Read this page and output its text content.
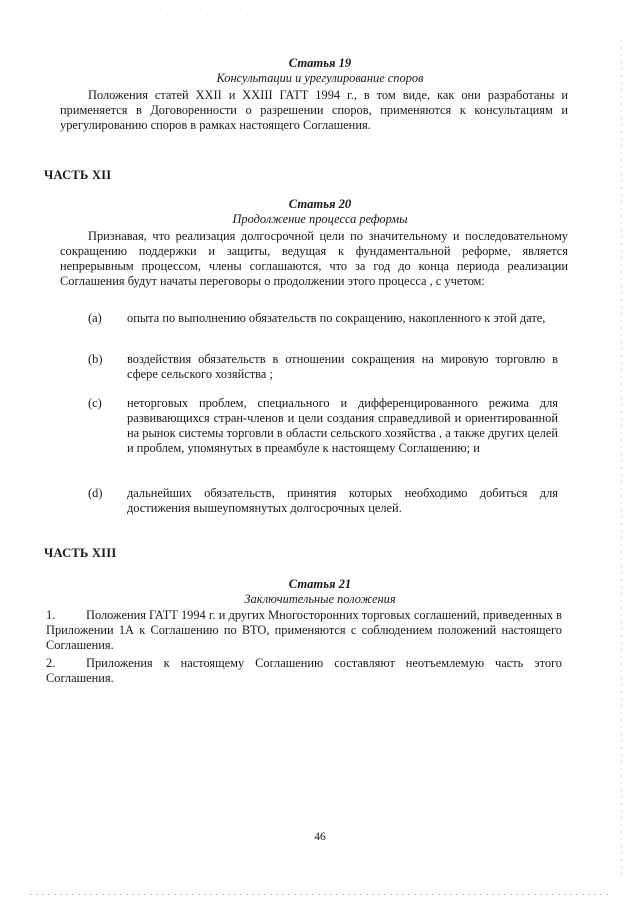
Статья 19
Консультации и урегулирование споров
Положения статей XXII и XXIII ГАТТ 1994 г., в том виде, как они разработаны и применяется в Договоренности о разрешении споров, применяются к консультациям и урегулированию споров в рамках настоящего Соглашения.
ЧАСТЬ XII
Статья 20
Продолжение процесса реформы
Признавая, что реализация долгосрочной цели по значительному и последовательному сокращению поддержки и защиты, ведущая к фундаментальной реформе, является непрерывным процессом, члены соглашаются, что за год до конца периода реализации Соглашения будут начаты переговоры о продолжении этого процесса , с учетом:
(a) опыта по выполнению обязательств по сокращению, накопленного к этой дате,
(b) воздействия обязательств в отношении сокращения на мировую торговлю в сфере сельского хозяйства ;
(c) неторговых проблем, специального и дифференцированного режима для развивающихся стран-членов и цели создания справедливой и ориентированной на рынок системы торговли в области сельского хозяйства , а также других целей и проблем, упомянутых в преамбуле к настоящему Соглашению; и
(d) дальнейших обязательств, принятия которых необходимо добиться для достижения вышеупомянутых долгосрочных целей.
ЧАСТЬ XIII
Статья 21
Заключительные положения
1. Положения ГАТТ 1994 г. и других Многосторонних торговых соглашений, приведенных в Приложении 1А к Соглашению по ВТО, применяются с соблюдением положений настоящего Соглашения.
2. Приложения к настоящему Соглашению составляют неотъемлемую часть этого Соглашения.
46
